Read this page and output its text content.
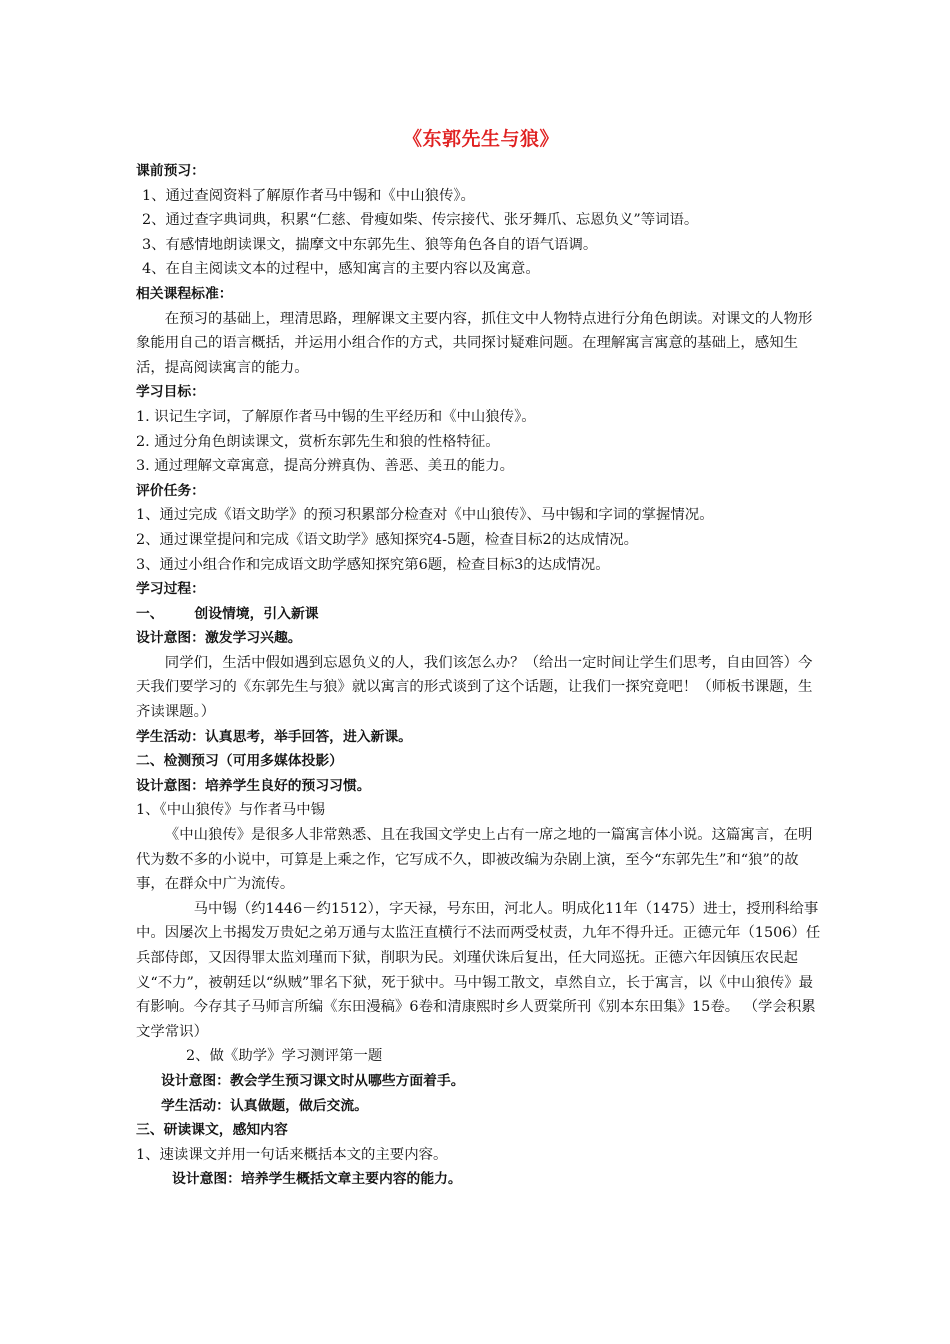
《东郭先生与狼》

课前预习：

1、通过查阅资料了解原作者马中锡和《中山狼传》。

2、通过查字典词典，积累“仁慈、骨瘦如柴、传宗接代、张牙舞爪、忘恩负义”等词语。

3、有感情地朗读课文，揣摩文中东郭先生、狼等角色各自的语气语调。

4、在自主阅读文本的过程中，感知寓言的主要内容以及寓意。

相关课程标准：

在预习的基础上，理清思路，理解课文主要内容，抓住文中人物特点进行分角色朗读。对课文的人物形象能用自己的语言概括，并运用小组合作的方式，共同探讨疑难问题。在理解寓言寓意的基础上，感知生活，提高阅读寓言的能力。

学习目标：

1. 识记生字词，了解原作者马中锡的生平经历和《中山狼传》。

2. 通过分角色朗读课文，赏析东郭先生和狼的性格特征。

3. 通过理解文章寓意，提高分辨真伪、善恶、美丑的能力。

评价任务：

1、通过完成《语文助学》的预习积累部分检查对《中山狼传》、马中锡和字词的掌握情况。

2、通过课堂提问和完成《语文助学》感知探究4-5题，检查目标2的达成情况。

3、通过小组合作和完成语文助学感知探究第6题，检查目标3的达成情况。

学习过程：

一、 创设情境，引入新课

设计意图：激发学习兴趣。

同学们，生活中假如遇到忘恩负义的人，我们该怎么办？（给出一定时间让学生们思考，自由回答）今天我们要学习的《东郭先生与狼》就以寓言的形式谈到了这个话题，让我们一探究竟吧！（师板书课题，生齐读课题。）

学生活动：认真思考，举手回答，进入新课。

二、检测预习（可用多媒体投影）

设计意图：培养学生良好的预习习惯。

1、《中山狼传》与作者马中锡

《中山狼传》是很多人非常熟悉、且在我国文学史上占有一席之地的一篇寓言体小说。这篇寓言，在明代为数不多的小说中，可算是上乘之作，它写成不久，即被改编为杂剧上演，至今“东郭先生”和“狼”的故事，在群众中广为流传。

马中锡（约1446－约1512），字天禄，号东田，河北人。明成化11年（1475）进士，授刑科给事中。因屡次上书揭发万贵妃之弟万通与太监汪直横行不法而两受杖责，九年不得升迁。正德元年（1506）任兵部侍郎，又因得罪太监刘瑾而下狱，削职为民。刘瑾伏诛后复出，任大同巡抚。正德六年因镇压农民起义“不力”，被朝廷以“纵贼”罪名下狱，死于狱中。马中锡工散文，卓然自立，长于寓言，以《中山狼传》最有影响。今存其子马师言所编《东田漫稿》6卷和清康熙时乡人贾棠所刊《别本东田集》15卷。 （学会积累文学常识）

2、做《助学》学习测评第一题

设计意图：教会学生预习课文时从哪些方面着手。

学生活动：认真做题，做后交流。

三、研读课文，感知内容

1、速读课文并用一句话来概括本文的主要内容。

设计意图：培养学生概括文章主要内容的能力。
